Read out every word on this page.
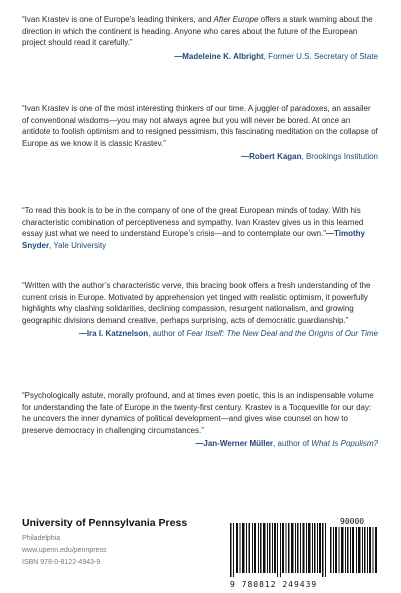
“Ivan Krastev is one of Europe’s leading thinkers, and After Europe offers a stark warning about the direction in which the continent is heading. Anyone who cares about the future of the European project should read it carefully.”

—Madeleine K. Albright, Former U.S. Secretary of State

“Ivan Krastev is one of the most interesting thinkers of our time. A juggler of paradoxes, an assailer of conventional wisdoms—you may not always agree but you will never be bored. At once an antidote to foolish optimism and to resigned pessimism, this fascinating meditation on the collapse of Europe as we know it is classic Krastev.”

—Robert Kagan, Brookings Institution

“To read this book is to be in the company of one of the great European minds of today. With his characteristic combination of perceptiveness and sympathy, Ivan Krastev gives us in this learned essay just what we need to understand Europe’s crisis—and to contemplate our own.”—Timothy Snyder, Yale University

“Written with the author’s characteristic verve, this bracing book offers a fresh understanding of the current crisis in Europe. Motivated by apprehension yet tinged with realistic optimism, it powerfully highlights why clashing solidarities, declining compassion, resurgent nationalism, and growing geographic divisions demand creative, perhaps surprising, acts of democratic guardianship.”

—Ira I. Katznelson, author of Fear Itself: The New Deal and the Origins of Our Time

“Psychologically astute, morally profound, and at times even poetic, this is an indispensable volume for understanding the fate of Europe in the twenty-first century. Krastev is a Tocqueville for our day: he uncovers the inner dynamics of political development—and gives wise counsel on how to preserve democracy in challenging circumstances.”

—Jan-Werner Müller, author of What Is Populism?
University of Pennsylvania Press
Philadelphia
www.upenn.edu/pennpress
ISBN 978-0-8122-4943-9
90000
9 780812 249439
